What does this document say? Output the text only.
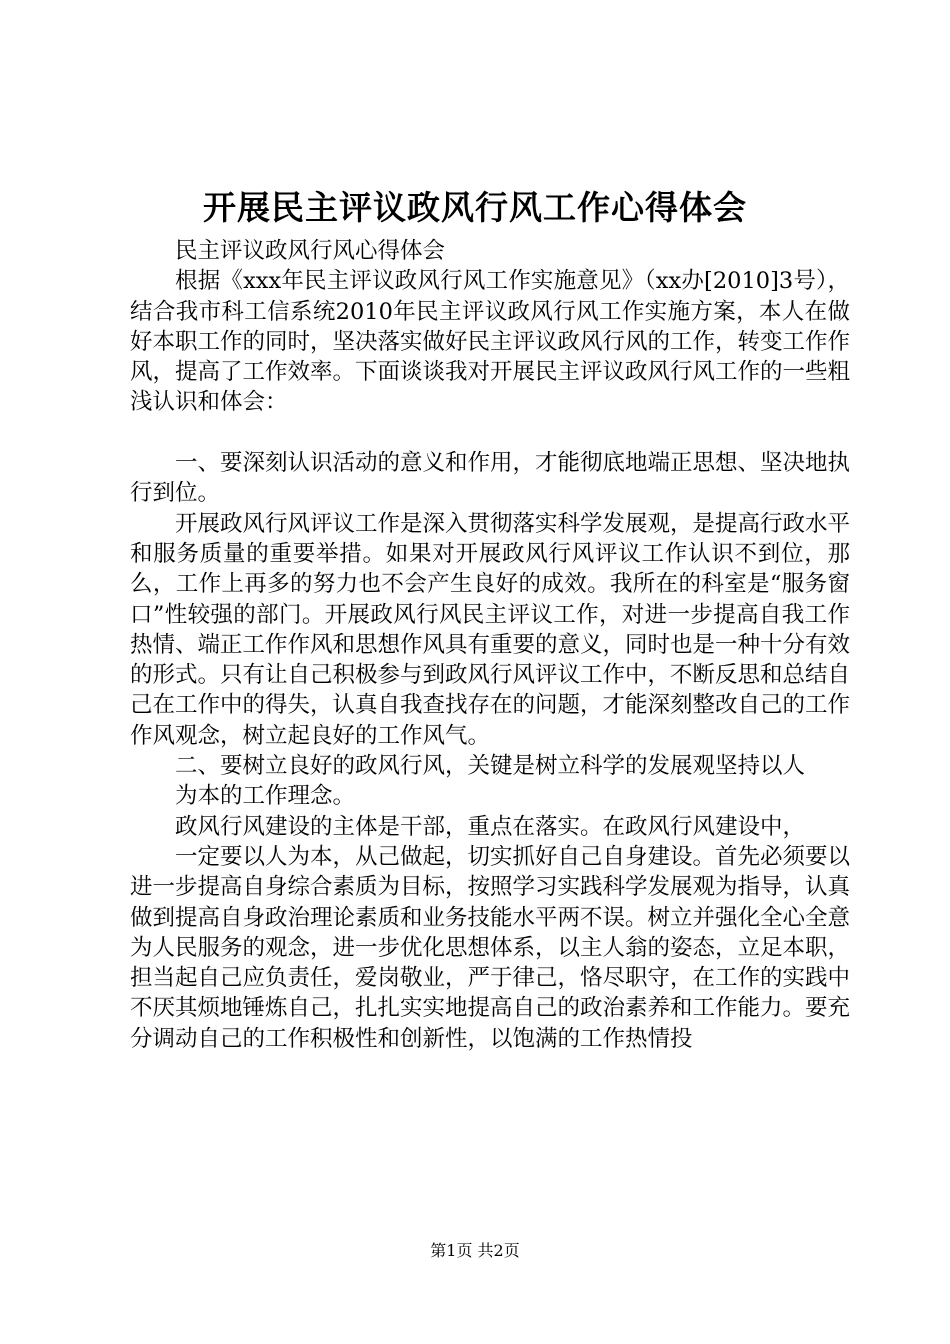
开展民主评议政风行风工作心得体会

民主评议政风行风心得体会

根据《xxx年民主评议政风行风工作实施意见》（xx办[2010]3号），结合我市科工信系统2010年民主评议政风行风工作实施方案，本人在做好本职工作的同时，坚决落实做好民主评议政风行风的工作，转变工作作风，提高了工作效率。下面谈谈我对开展民主评议政风行风工作的一些粗浅认识和体会：

一、要深刻认识活动的意义和作用，才能彻底地端正思想、坚决地执行到位。

开展政风行风评议工作是深入贯彻落实科学发展观，是提高行政水平和服务质量的重要举措。如果对开展政风行风评议工作认识不到位，那么，工作上再多的努力也不会产生良好的成效。我所在的科室是“服务窗口”性较强的部门。开展政风行风民主评议工作，对进一步提高自我工作热情、端正工作作风和思想作风具有重要的意义，同时也是一种十分有效的形式。只有让自己积极参与到政风行风评议工作中，不断反思和总结自己在工作中的得失，认真自我查找存在的问题，才能深刻整改自己的工作作风观念，树立起良好的工作风气。

二、要树立良好的政风行风，关键是树立科学的发展观坚持以人

为本的工作理念。

政风行风建设的主体是干部，重点在落实。在政风行风建设中，

一定要以人为本，从己做起，切实抓好自己自身建设。首先必须要以进一步提高自身综合素质为目标，按照学习实践科学发展观为指导，认真做到提高自身政治理论素质和业务技能水平两不误。树立并强化全心全意为人民服务的观念，进一步优化思想体系，以主人翁的姿态，立足本职，担当起自己应负责任，爱岗敬业，严于律己，恪尽职守，在工作的实践中不厌其烦地锤炼自己，扎扎实实地提高自己的政治素养和工作能力。要充分调动自己的工作积极性和创新性，以饱满的工作热情投

第1页 共2页
